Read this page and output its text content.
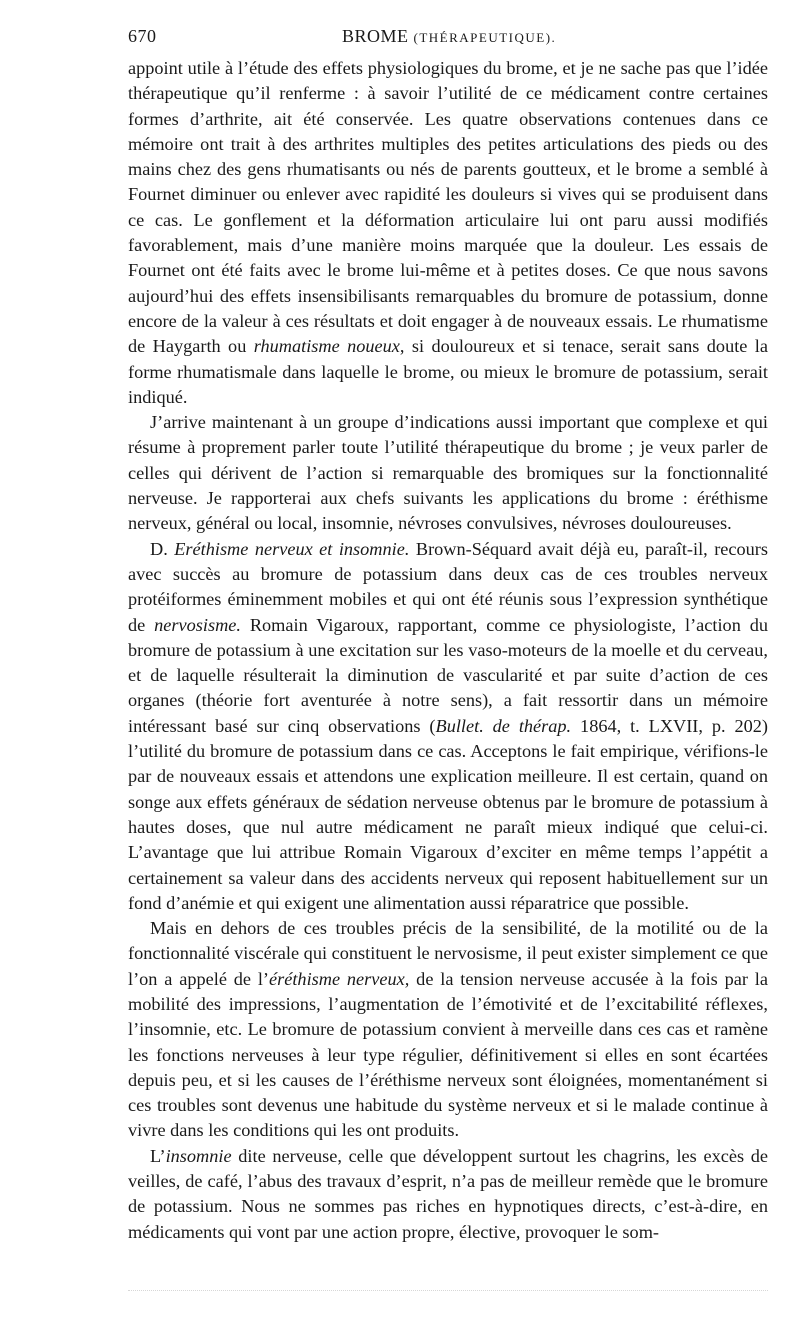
670	BROME (THÉRAPEUTIQUE).

appoint utile à l’étude des effets physiologiques du brome, et je ne sache pas que l’idée thérapeutique qu’il renferme : à savoir l’utilité de ce médicament contre certaines formes d’arthrite, ait été conservée. Les quatre observations contenues dans ce mémoire ont trait à des arthrites multiples des petites articulations des pieds ou des mains chez des gens rhumatisants ou nés de parents goutteux, et le brome a semblé à Fournet diminuer ou enlever avec rapidité les douleurs si vives qui se produisent dans ce cas. Le gonflement et la déformation articulaire lui ont paru aussi modifiés favorablement, mais d’une manière moins marquée que la douleur. Les essais de Fournet ont été faits avec le brome lui-même et à petites doses. Ce que nous savons aujourd’hui des effets insensibilisants remarquables du bromure de potassium, donne encore de la valeur à ces résultats et doit engager à de nouveaux essais. Le rhumatisme de Haygarth ou rhumatisme noueux, si douloureux et si tenace, serait sans doute la forme rhumatismale dans laquelle le brome, ou mieux le bromure de potassium, serait indiqué.

J’arrive maintenant à un groupe d’indications aussi important que complexe et qui résume à proprement parler toute l’utilité thérapeutique du brome ; je veux parler de celles qui dérivent de l’action si remarquable des bromiques sur la fonctionnalité nerveuse. Je rapporterai aux chefs suivants les applications du brome : éréthisme nerveux, général ou local, insomnie, névroses convulsives, névroses douloureuses.

D. Eréthisme nerveux et insomnie. Brown-Séquard avait déjà eu, paraît-il, recours avec succès au bromure de potassium dans deux cas de ces troubles nerveux protéiformes éminemment mobiles et qui ont été réunis sous l’expression synthétique de nervosisme. Romain Vigaroux, rapportant, comme ce physiologiste, l’action du bromure de potassium à une excitation sur les vaso-moteurs de la moelle et du cerveau, et de laquelle résulterait la diminution de vascularité et par suite d’action de ces organes (théorie fort aventurée à notre sens), a fait ressortir dans un mémoire intéressant basé sur cinq observations (Bullet. de thérap. 1864, t. LXVII, p. 202) l’utilité du bromure de potassium dans ce cas. Acceptons le fait empirique, vérifions-le par de nouveaux essais et attendons une explication meilleure. Il est certain, quand on songe aux effets généraux de sédation nerveuse obtenus par le bromure de potassium à hautes doses, que nul autre médicament ne paraît mieux indiqué que celui-ci. L’avantage que lui attribue Romain Vigaroux d’exciter en même temps l’appétit a certainement sa valeur dans des accidents nerveux qui reposent habituellement sur un fond d’anémie et qui exigent une alimentation aussi réparatrice que possible.

Mais en dehors de ces troubles précis de la sensibilité, de la motilité ou de la fonctionnalité viscérale qui constituent le nervosisme, il peut exister simplement ce que l’on a appelé de l’éréthisme nerveux, de la tension nerveuse accusée à la fois par la mobilité des impressions, l’augmentation de l’émotivité et de l’excitabilité réflexes, l’insomnie, etc. Le bromure de potassium convient à merveille dans ces cas et ramène les fonctions nerveuses à leur type régulier, définitivement si elles en sont écartées depuis peu, et si les causes de l’éréthisme nerveux sont éloignées, momentanément si ces troubles sont devenus une habitude du système nerveux et si le malade continue à vivre dans les conditions qui les ont produits.

L’insomnie dite nerveuse, celle que développent surtout les chagrins, les excès de veilles, de café, l’abus des travaux d’esprit, n’a pas de meilleur remède que le bromure de potassium. Nous ne sommes pas riches en hypnotiques directs, c’est-à-dire, en médicaments qui vont par une action propre, élective, provoquer le som-
